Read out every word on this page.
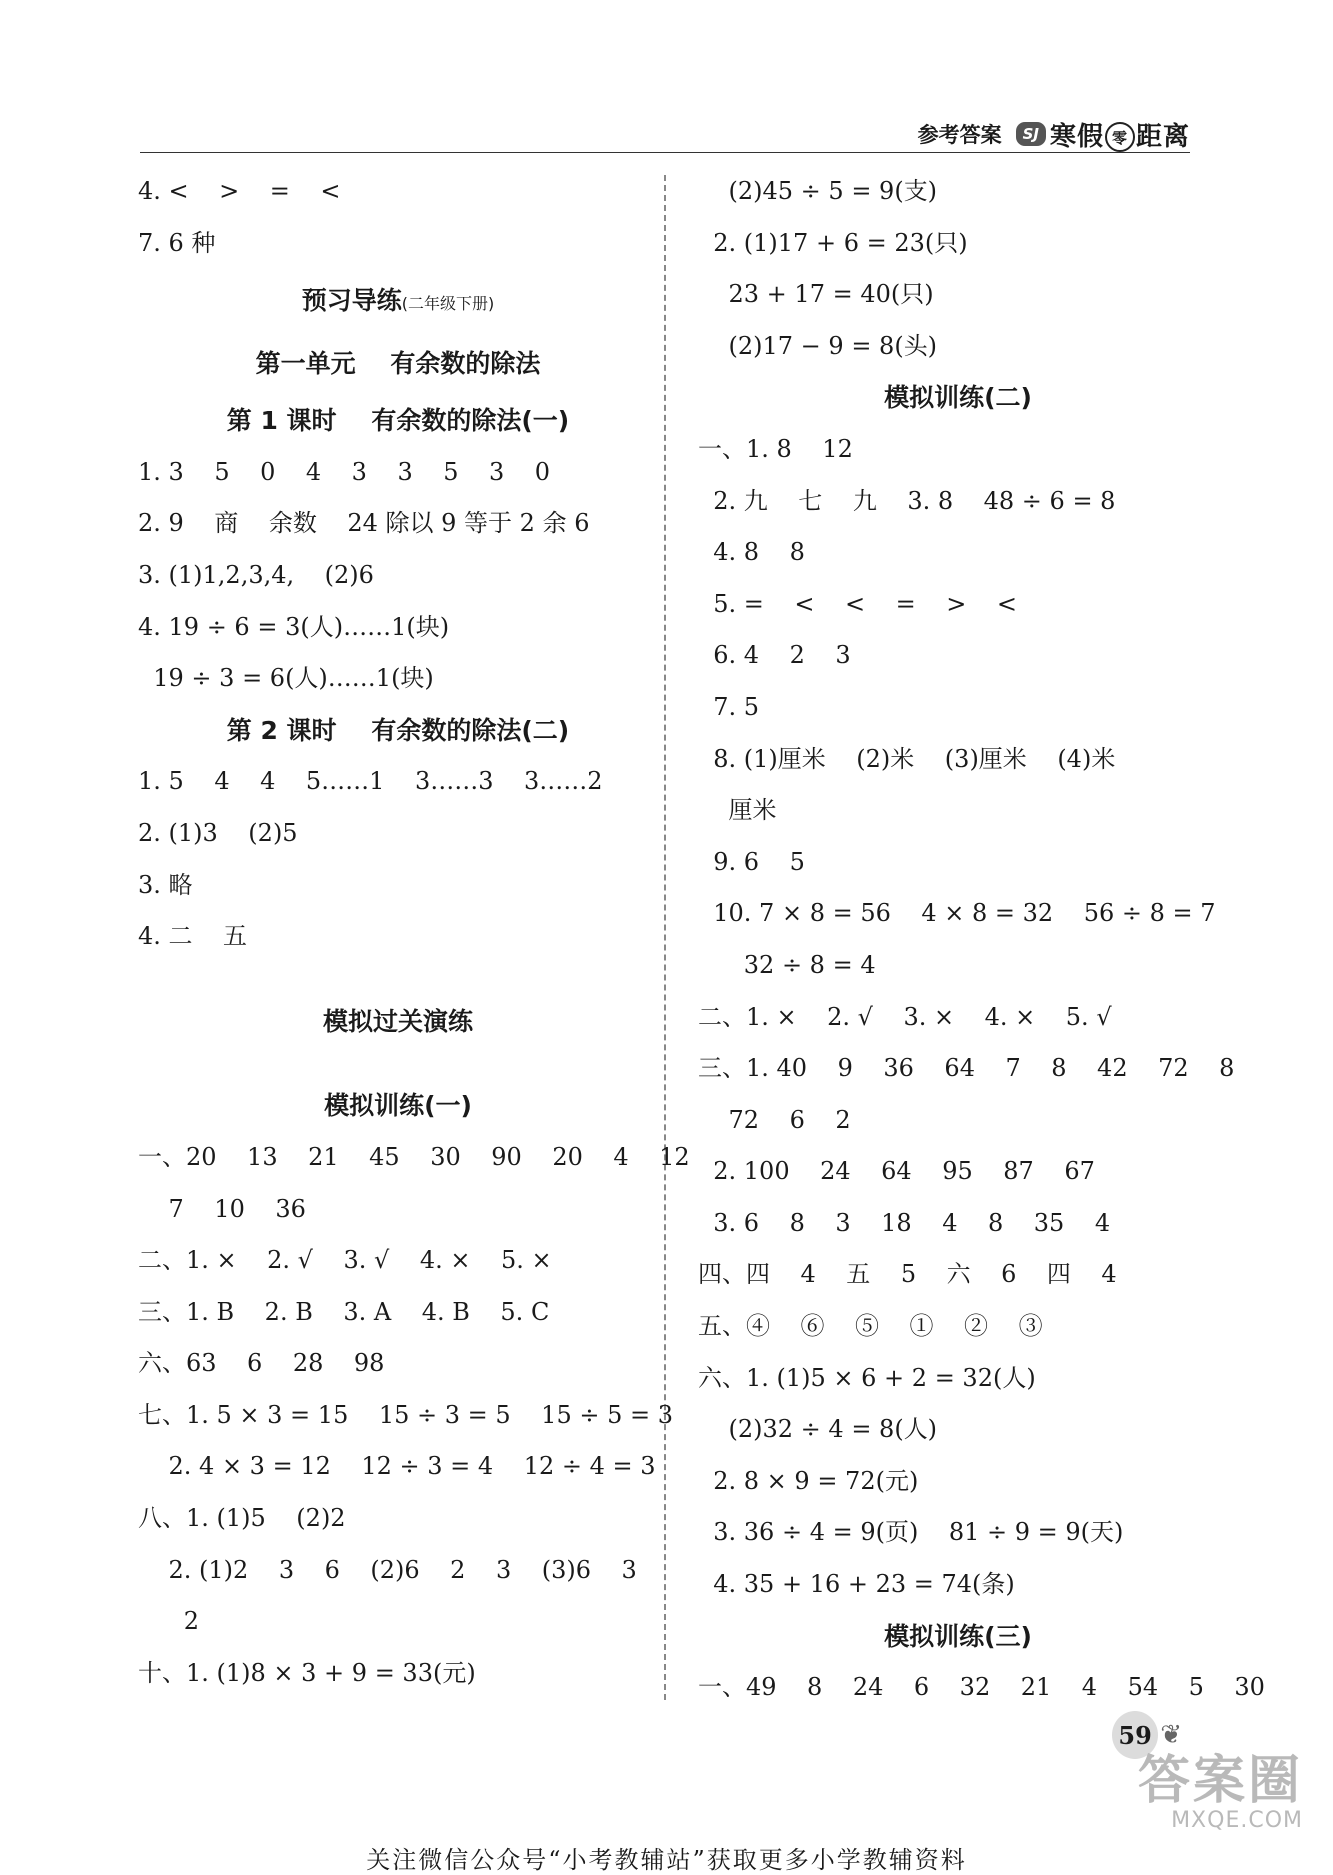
参考答案	SJ 寒假 零 距离
4. <    >    =    <
7. 6 种
预习导练(二年级下册)
第一单元    有余数的除法
第 1 课时    有余数的除法(一)
1. 3    5    0    4    3    3    5    3    0
2. 9    商    余数    24 除以 9 等于 2 余 6
3. (1)1,2,3,4,    (2)6
4. 19 ÷ 6 = 3(人)……1(块)
19 ÷ 3 = 6(人)……1(块)
第 2 课时    有余数的除法(二)
1. 5    4    4    5……1    3……3    3……2
2. (1)3    (2)5
3. 略
4. 二    五
模拟过关演练
模拟训练(一)
一、20    13    21    45    30    90    20    4    12
7    10    36
二、1. ×    2. √    3. √    4. ×    5. ×
三、1. B    2. B    3. A    4. B    5. C
六、63    6    28    98
七、1. 5 × 3 = 15    15 ÷ 3 = 5    15 ÷ 5 = 3
2. 4 × 3 = 12    12 ÷ 3 = 4    12 ÷ 4 = 3
八、1. (1)5    (2)2
2. (1)2    3    6    (2)6    2    3    (3)6    3
2
十、1. (1)8 × 3 + 9 = 33(元)
(2)45 ÷ 5 = 9(支)
2. (1)17 + 6 = 23(只)
23 + 17 = 40(只)
(2)17 − 9 = 8(头)
模拟训练(二)
一、1. 8    12
2. 九    七    九    3. 8    48 ÷ 6 = 8
4. 8    8
5. =    <    <    =    >    <
6. 4    2    3
7. 5
8. (1)厘米    (2)米    (3)厘米    (4)米
厘米
9. 6    5
10. 7 × 8 = 56    4 × 8 = 32    56 ÷ 8 = 7
32 ÷ 8 = 4
二、1. ×    2. √    3. ×    4. ×    5. √
三、1. 40    9    36    64    7    8    42    72    8
72    6    2
2. 100    24    64    95    87    67
3. 6    8    3    18    4    8    35    4
四、四    4    五    5    六    6    四    4
五、④    ⑥    ⑤    ①    ②    ③
六、1. (1)5 × 6 + 2 = 32(人)
(2)32 ÷ 4 = 8(人)
2. 8 × 9 = 72(元)
3. 36 ÷ 4 = 9(页)    81 ÷ 9 = 9(天)
4. 35 + 16 + 23 = 74(条)
模拟训练(三)
一、49    8    24    6    32    21    4    54    5    30
59 ❦
关注微信公众号“小考教辅站”获取更多小学教辅资料
答案圈
MXQE.COM
